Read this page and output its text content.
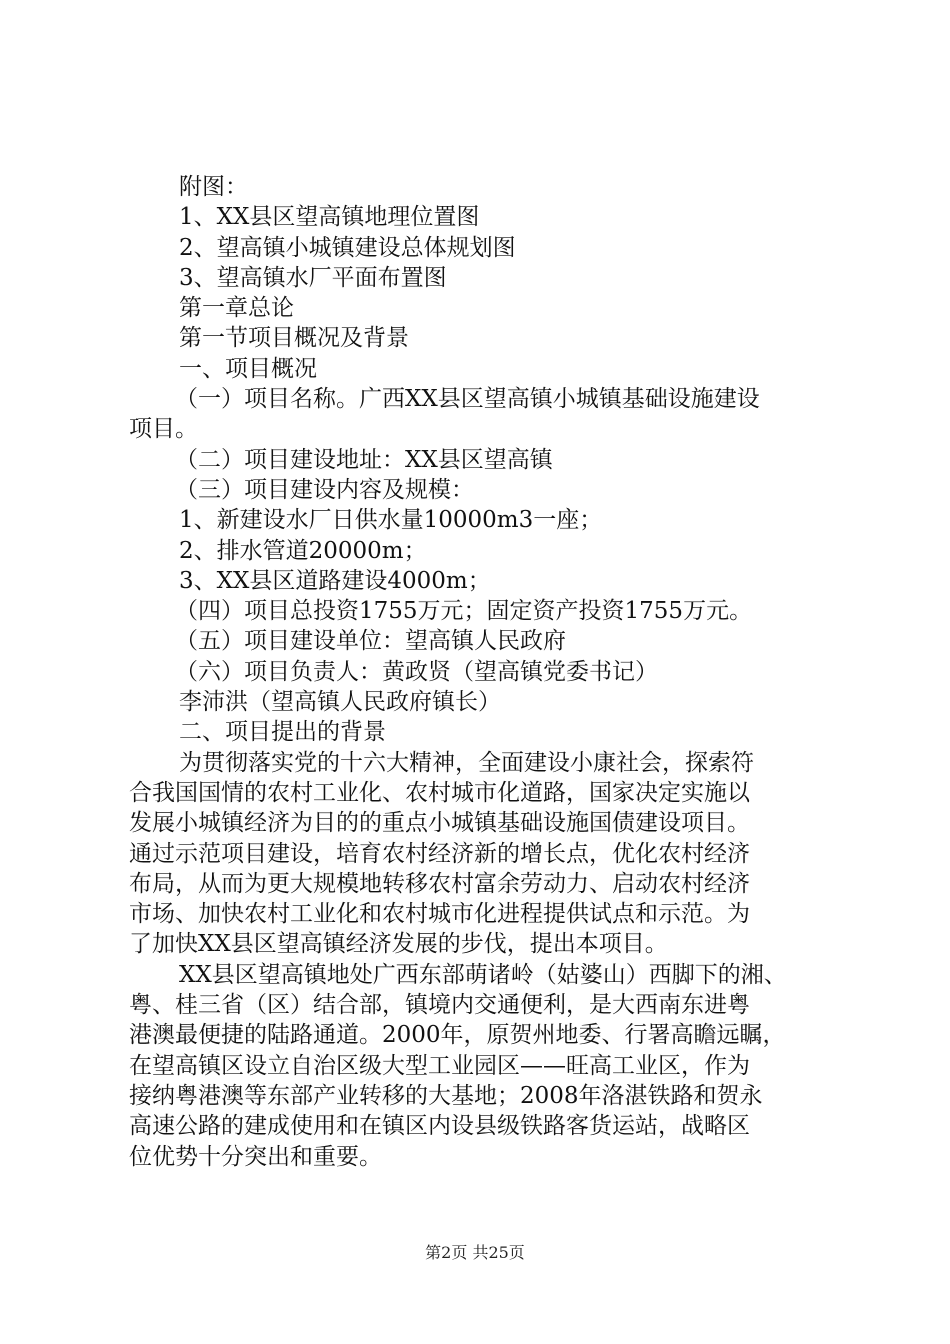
附图：
1、XX县区望高镇地理位置图
2、望高镇小城镇建设总体规划图
3、望高镇水厂平面布置图
第一章总论
第一节项目概况及背景
一、项目概况
（一）项目名称。广西XX县区望高镇小城镇基础设施建设
项目。
（二）项目建设地址：XX县区望高镇
（三）项目建设内容及规模：
1、新建设水厂日供水量10000m3一座；
2、排水管道20000m；
3、XX县区道路建设4000m；
（四）项目总投资1755万元；固定资产投资1755万元。
（五）项目建设单位：望高镇人民政府
（六）项目负责人：黄政贤（望高镇党委书记）
李沛洪（望高镇人民政府镇长）
二、项目提出的背景
为贯彻落实党的十六大精神，全面建设小康社会，探索符
合我国国情的农村工业化、农村城市化道路，国家决定实施以
发展小城镇经济为目的的重点小城镇基础设施国债建设项目。
通过示范项目建设，培育农村经济新的增长点，优化农村经济
布局，从而为更大规模地转移农村富余劳动力、启动农村经济
市场、加快农村工业化和农村城市化进程提供试点和示范。为
了加快XX县区望高镇经济发展的步伐，提出本项目。
XX县区望高镇地处广西东部萌诸岭（姑婆山）西脚下的湘、
粤、桂三省（区）结合部，镇境内交通便利，是大西南东进粤
港澳最便捷的陆路通道。2000年，原贺州地委、行署高瞻远瞩，
在望高镇区设立自治区级大型工业园区——旺高工业区，作为
接纳粤港澳等东部产业转移的大基地；2008年洛湛铁路和贺永
高速公路的建成使用和在镇区内设县级铁路客货运站，战略区
位优势十分突出和重要。
第2页 共25页
